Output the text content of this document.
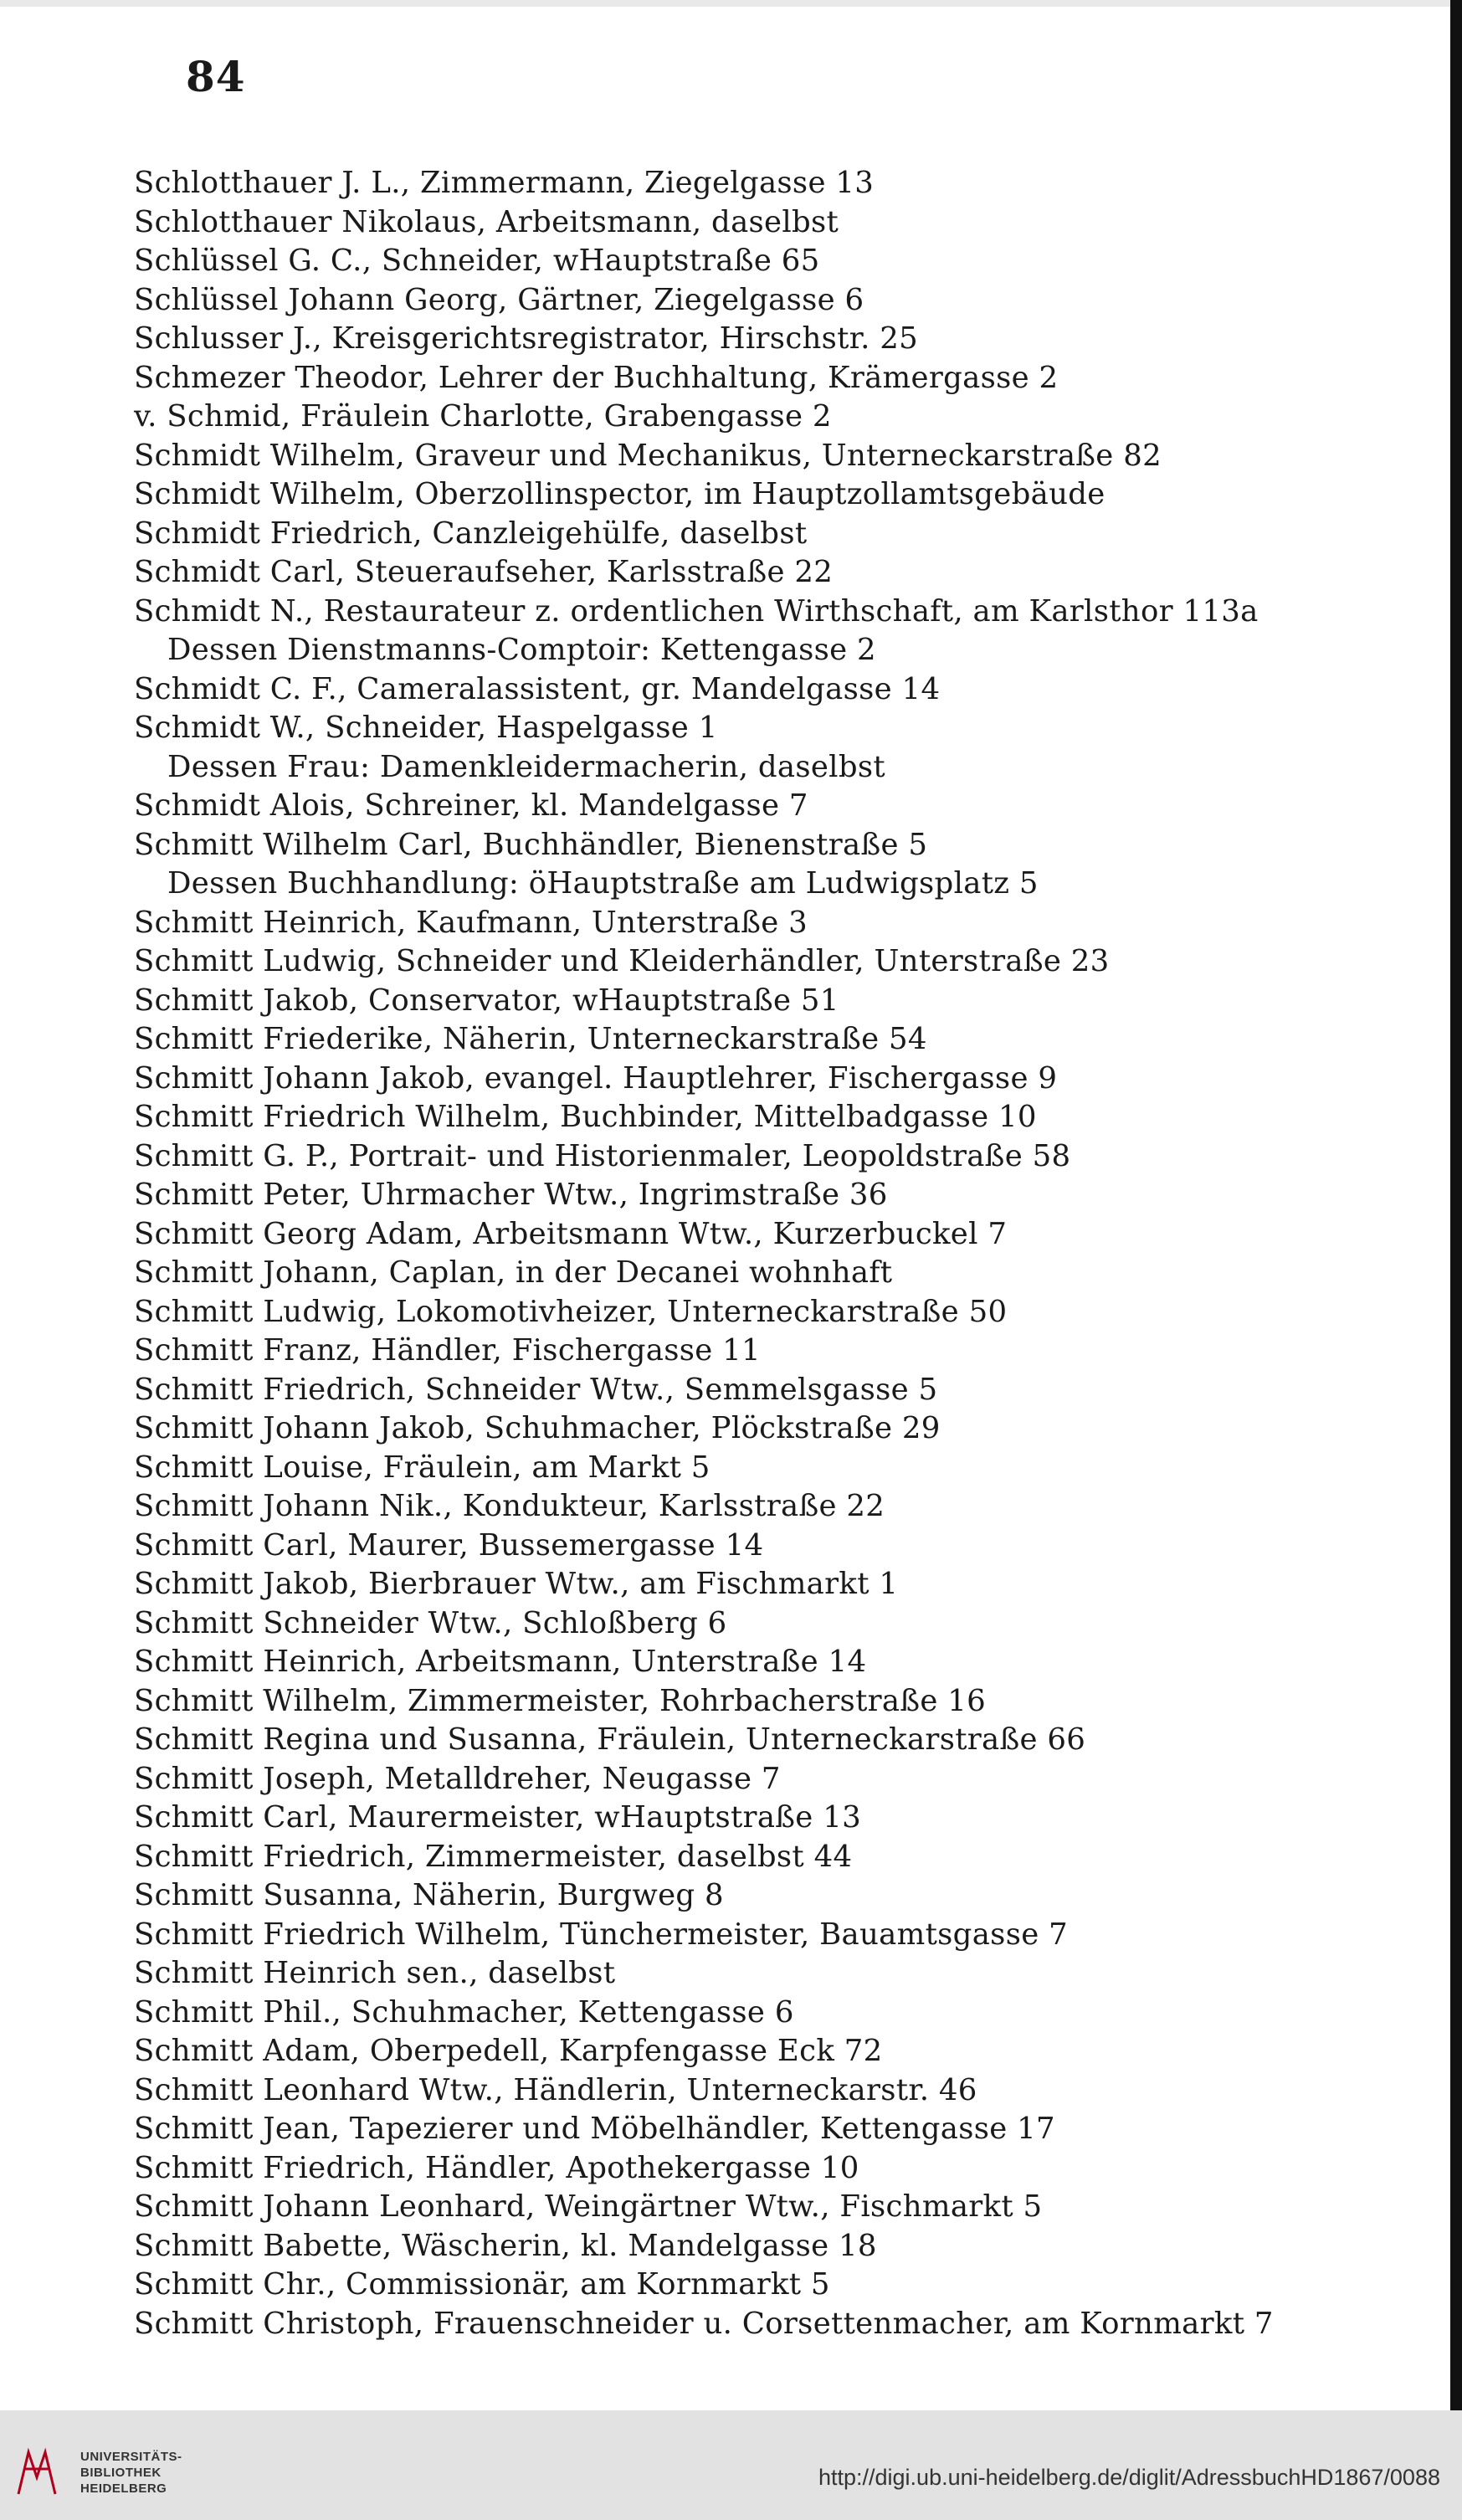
84
Schlotthauer J. L., Zimmermann, Ziegelgasse 13
Schlotthauer Nikolaus, Arbeitsmann, daselbst
Schlüssel G. C., Schneider, wHauptstraße 65
Schlüssel Johann Georg, Gärtner, Ziegelgasse 6
Schlusser J., Kreisgerichtsregistrator, Hirschstr. 25
Schmezer Theodor, Lehrer der Buchhaltung, Krämergasse 2
v. Schmid, Fräulein Charlotte, Grabengasse 2
Schmidt Wilhelm, Graveur und Mechanikus, Unterneckarstraße 82
Schmidt Wilhelm, Oberzollinspector, im Hauptzollamtsgebäude
Schmidt Friedrich, Canzleigehülfe, daselbst
Schmidt Carl, Steueraufseher, Karlsstraße 22
Schmidt N., Restaurateur z. ordentlichen Wirthschaft, am Karlsthor 113a
Dessen Dienstmanns-Comptoir: Kettengasse 2
Schmidt C. F., Cameralassistent, gr. Mandelgasse 14
Schmidt W., Schneider, Haspelgasse 1
Dessen Frau: Damenkleidermacherin, daselbst
Schmidt Alois, Schreiner, kl. Mandelgasse 7
Schmitt Wilhelm Carl, Buchhändler, Bienenstraße 5
Dessen Buchhandlung: öHauptstraße am Ludwigsplatz 5
Schmitt Heinrich, Kaufmann, Unterstraße 3
Schmitt Ludwig, Schneider und Kleiderhändler, Unterstraße 23
Schmitt Jakob, Conservator, wHauptstraße 51
Schmitt Friederike, Näherin, Unterneckarstraße 54
Schmitt Johann Jakob, evangel. Hauptlehrer, Fischergasse 9
Schmitt Friedrich Wilhelm, Buchbinder, Mittelbadgasse 10
Schmitt G. P., Portrait- und Historienmaler, Leopoldstraße 58
Schmitt Peter, Uhrmacher Wtw., Ingrimstraße 36
Schmitt Georg Adam, Arbeitsmann Wtw., Kurzerbuckel 7
Schmitt Johann, Caplan, in der Decanei wohnhaft
Schmitt Ludwig, Lokomotivheizer, Unterneckarstraße 50
Schmitt Franz, Händler, Fischergasse 11
Schmitt Friedrich, Schneider Wtw., Semmelsgasse 5
Schmitt Johann Jakob, Schuhmacher, Plöckstraße 29
Schmitt Louise, Fräulein, am Markt 5
Schmitt Johann Nik., Kondukteur, Karlsstraße 22
Schmitt Carl, Maurer, Bussemergasse 14
Schmitt Jakob, Bierbrauer Wtw., am Fischmarkt 1
Schmitt Schneider Wtw., Schloßberg 6
Schmitt Heinrich, Arbeitsmann, Unterstraße 14
Schmitt Wilhelm, Zimmermeister, Rohrbacherstraße 16
Schmitt Regina und Susanna, Fräulein, Unterneckarstraße 66
Schmitt Joseph, Metalldreher, Neugasse 7
Schmitt Carl, Maurermeister, wHauptstraße 13
Schmitt Friedrich, Zimmermeister, daselbst 44
Schmitt Susanna, Näherin, Burgweg 8
Schmitt Friedrich Wilhelm, Tünchermeister, Bauamtsgasse 7
Schmitt Heinrich sen., daselbst
Schmitt Phil., Schuhmacher, Kettengasse 6
Schmitt Adam, Oberpedell, Karpfengasse Eck 72
Schmitt Leonhard Wtw., Händlerin, Unterneckarstr. 46
Schmitt Jean, Tapezierer und Möbelhändler, Kettengasse 17
Schmitt Friedrich, Händler, Apothekergasse 10
Schmitt Johann Leonhard, Weingärtner Wtw., Fischmarkt 5
Schmitt Babette, Wäscherin, kl. Mandelgasse 18
Schmitt Chr., Commissionär, am Kornmarkt 5
Schmitt Christoph, Frauenschneider u. Corsettenmacher, am Kornmarkt 7
UNIVERSITÄTS-
BIBLIOTHEK
HEIDELBERG	http://digi.ub.uni-heidelberg.de/diglit/AdressbuchHD1867/0088
